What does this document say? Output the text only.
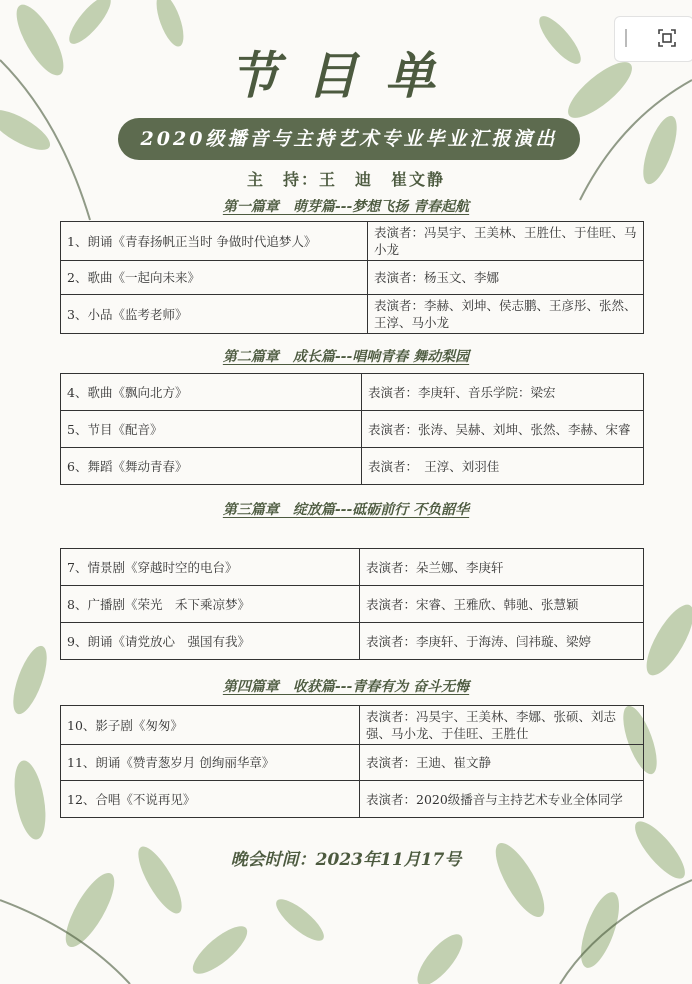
节目单
2020级播音与主持艺术专业毕业汇报演出
主　持：王　迪　崔文静
第一篇章　萌芽篇---梦想飞扬 青春起航
1、朗诵《青春扬帆正当时 争做时代追梦人》	表演者：冯昊宇、王美林、王胜仕、于佳旺、马小龙
2、歌曲《一起向未来》	表演者：杨玉文、李娜
3、小品《监考老师》	表演者：李赫、刘坤、侯志鹏、王彦彤、张然、王淳、马小龙
第二篇章　成长篇---唱响青春 舞动梨园
4、歌曲《飘向北方》	表演者：李庚轩、音乐学院：梁宏
5、节目《配音》	表演者：张涛、吴赫、刘坤、张然、李赫、宋睿
6、舞蹈《舞动青春》	表演者：　王淳、刘羽佳
第三篇章　绽放篇---砥砺前行 不负韶华
7、情景剧《穿越时空的电台》	表演者：朵兰娜、李庚轩
8、广播剧《荣光　禾下乘凉梦》	表演者：宋睿、王雅欣、韩驰、张慧颖
9、朗诵《请党放心　强国有我》	表演者：李庚轩、于海涛、闫祎璇、梁婷
第四篇章　收获篇---青春有为 奋斗无悔
10、影子剧《匆匆》	表演者：冯昊宇、王美林、李娜、张硕、刘志强、马小龙、于佳旺、王胜仕
11、朗诵《赞青葱岁月 创绚丽华章》	表演者：王迪、崔文静
12、合唱《不说再见》	表演者：2020级播音与主持艺术专业全体同学
晚会时间：2023年11月17号
